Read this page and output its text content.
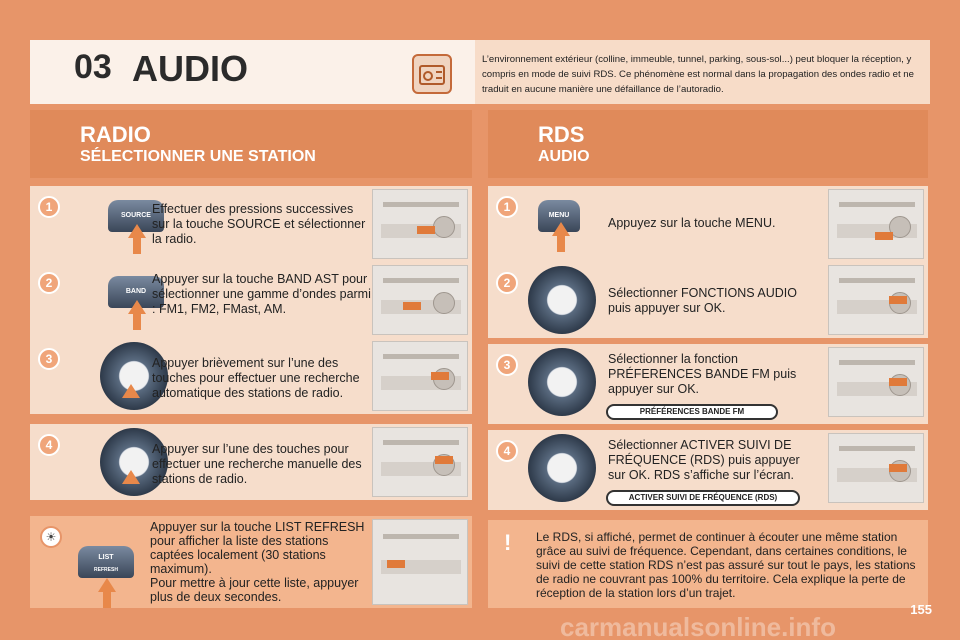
03 AUDIO	L’environnement extérieur (colline, immeuble, tunnel, parking, sous-sol...) peut bloquer la réception, y compris en mode de suivi RDS. Ce phénomène est normal dans la propagation des ondes radio et ne traduit en aucune manière une défaillance de l’autoradio.
RADIO
SÉLECTIONNER UNE STATION
RDS
AUDIO
1
SOURCE Effectuer des pressions successives sur la touche SOURCE et sélectionner la radio.
2
BAND
Appuyer sur la touche BAND AST pour sélectionner une gamme d’ondes parmi : FM1, FM2, FMast, AM.
3	Appuyer brièvement sur l’une des touches pour effectuer une recherche automatique des stations de radio.
4	Appuyer sur l’une des touches pour effectuer une recherche manuelle des stations de radio.
☀
LIST
REFRESH
Appuyer sur la touche LIST REFRESH pour afficher la liste des stations captées localement (30 stations maximum).
Pour mettre à jour cette liste, appuyer plus de deux secondes.
1
MENU
Appuyez sur la touche MENU.
2
Sélectionner FONCTIONS AUDIO puis appuyer sur OK.
3	Sélectionner la fonction PRÉFERENCES BANDE FM puis appuyer sur OK.
PRÉFÉRENCES BANDE FM
4	Sélectionner ACTIVER SUIVI DE FRÉQUENCE (RDS) puis appuyer sur OK. RDS s’affiche sur l’écran.
ACTIVER SUIVI DE FRÉQUENCE (RDS)
! Le RDS, si affiché, permet de continuer à écouter une même station grâce au suivi de fréquence. Cependant, dans certaines conditions, le suivi de cette station RDS n’est pas assuré sur tout le pays, les stations de radio ne couvrant pas 100% du territoire. Cela explique la perte de réception de la station lors d’un trajet.
155
carmanualsonline.info
